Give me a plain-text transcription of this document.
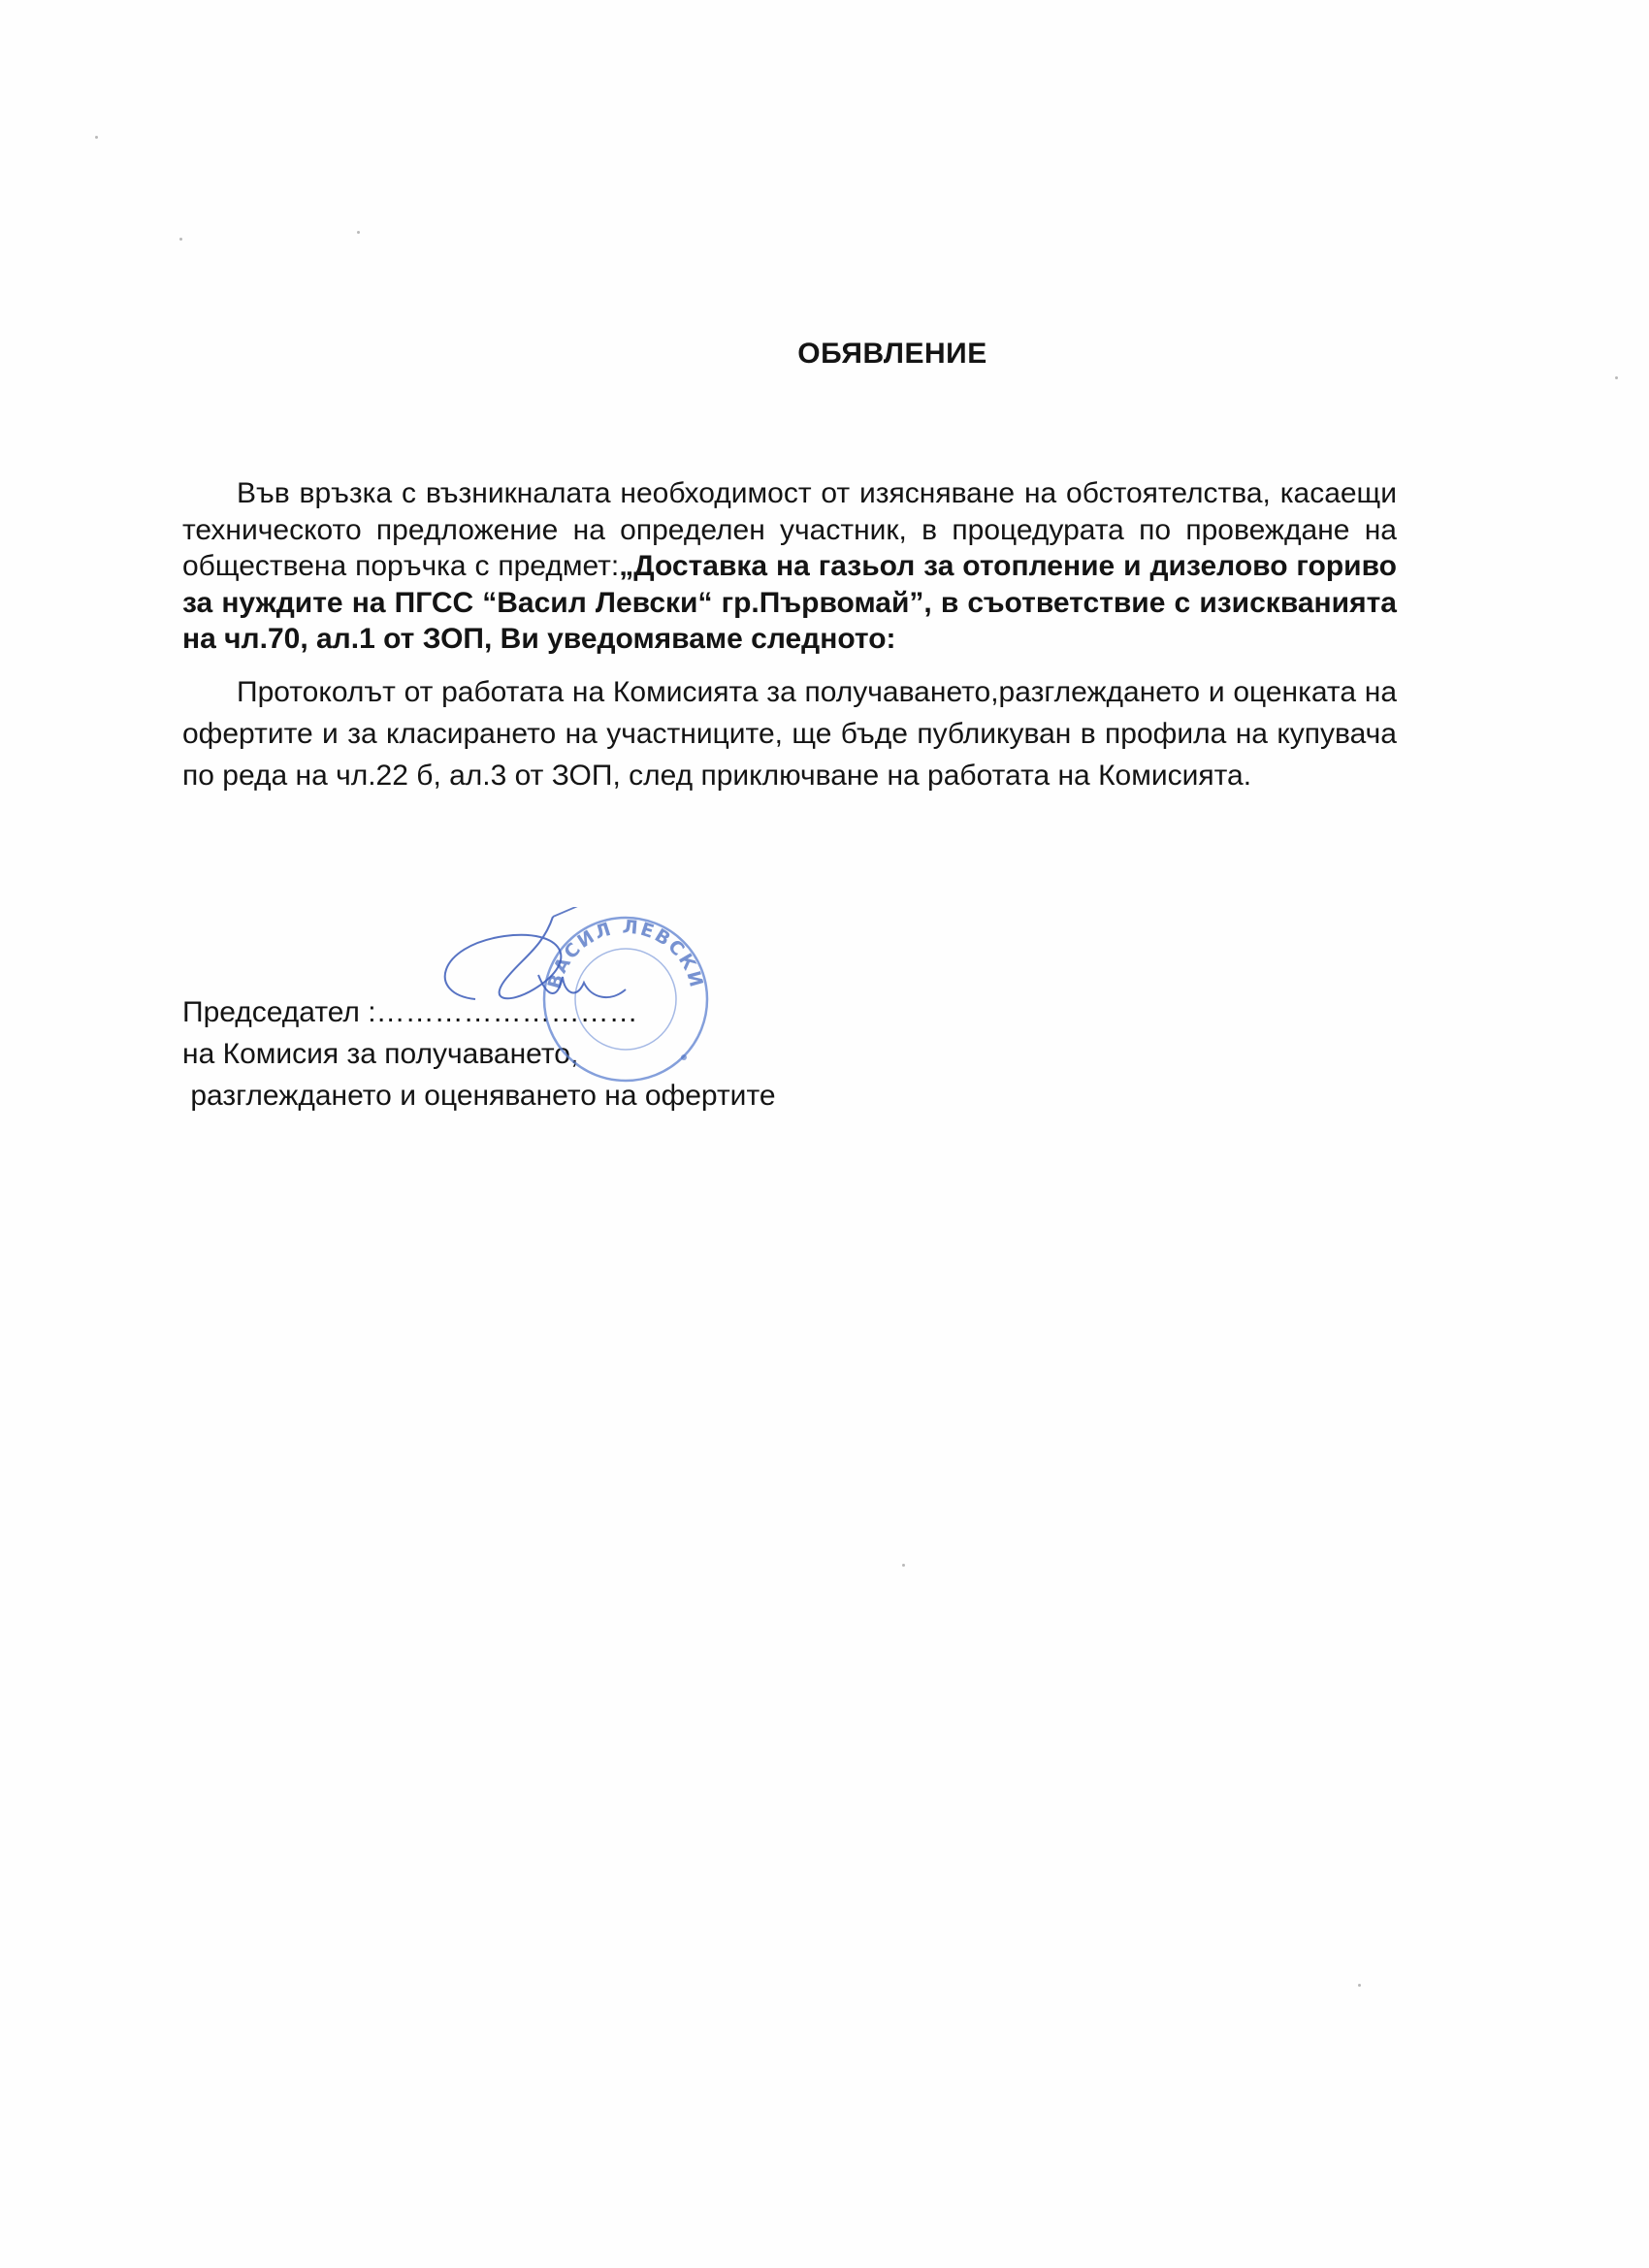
ОБЯВЛЕНИЕ

Във връзка с възникналата необходимост от изясняване на обстоятелства, касаещи техническото предложение на определен участник, в процедурата по провеждане на обществена поръчка с предмет:„Доставка на газьол за отопление и дизелово гориво за нуждите на ПГСС “Васил Левски“ гр.Първомай”, в съответствие с изискванията на чл.70, ал.1 от ЗОП, Ви уведомяваме следното:

Протоколът от работата на Комисията за получаването,разглеждането и оценката на офертите и за класирането на участниците, ще бъде публикуван в профила на купувача по реда на чл.22 б, ал.3 от ЗОП, след приключване на работата на Комисията.

Председател :………………………
на Комисия за получаването,
разглеждането и оценяването на офертите
ВАСИЛ ЛЕВСКИ
